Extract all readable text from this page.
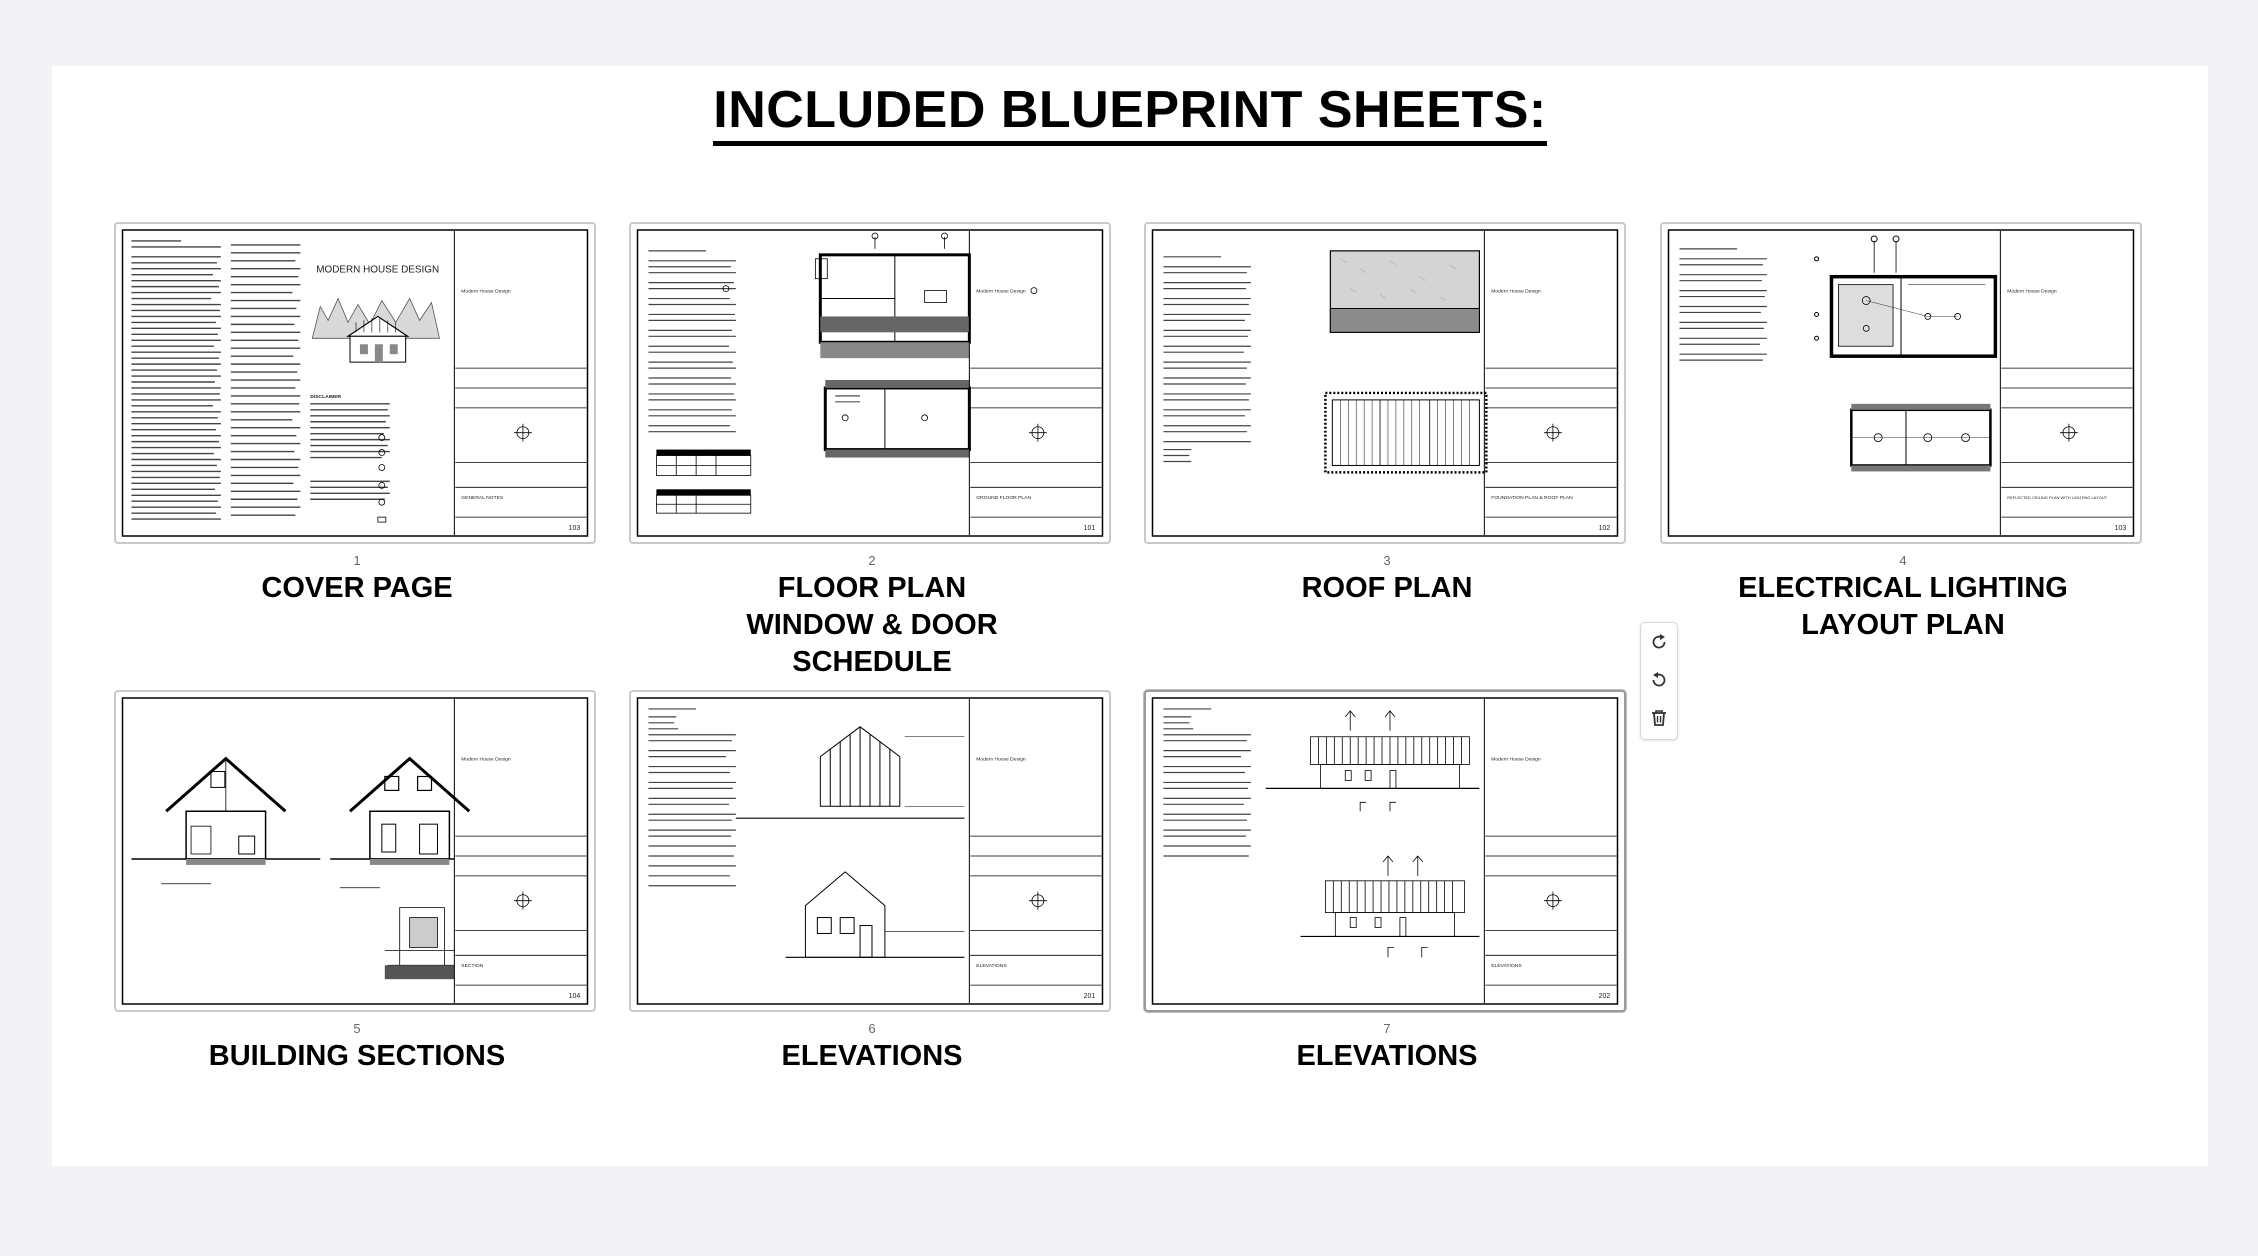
INCLUDED BLUEPRINT SHEETS:
MODERN HOUSE DESIGN
DISCLAIMER
Modern House Design
GENERAL NOTES
103
1
COVER PAGE
Modern House Design
GROUND FLOOR PLAN
101
2
FLOOR PLAN
WINDOW & DOOR
SCHEDULE
Modern House Design
FOUNDATION PLAN & ROOF PLAN
102
3
ROOF PLAN
Modern House Design
REFLECTED CEILING PLAN WITH LIGHTING LAYOUT
103
4
ELECTRICAL LIGHTING
LAYOUT PLAN
Modern House Design
SECTION
104
5
BUILDING SECTIONS
Modern House Design
ELEVATIONS
201
6
ELEVATIONS
Modern House Design
ELEVATIONS
202
7
ELEVATIONS
